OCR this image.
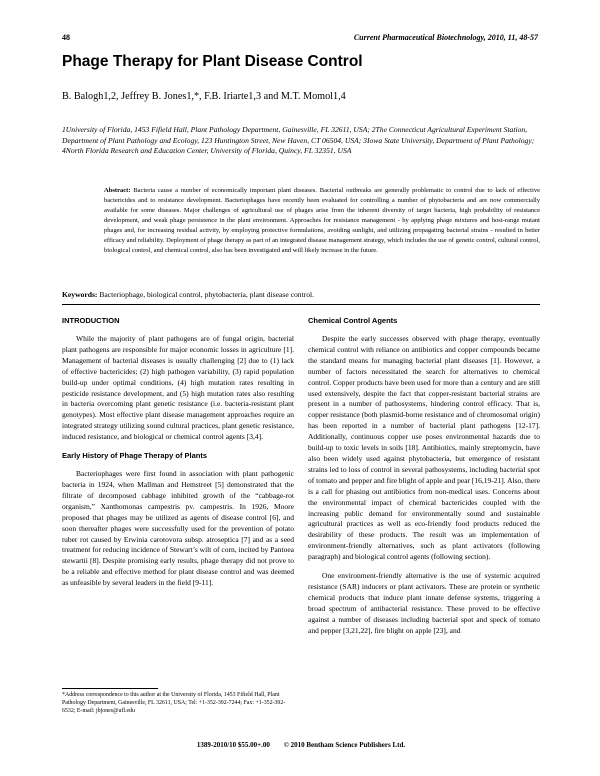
48	Current Pharmaceutical Biotechnology, 2010, 11, 48-57
Phage Therapy for Plant Disease Control
B. Balogh1,2, Jeffrey B. Jones1,*, F.B. Iriarte1,3 and M.T. Momol1,4
1University of Florida, 1453 Fifield Hall, Plant Pathology Department, Gainesville, FL 32611, USA; 2The Connecticut Agricultural Experiment Station, Department of Plant Pathology and Ecology, 123 Huntington Street, New Haven, CT 06504, USA; 3Iowa State University, Department of Plant Pathology; 4North Florida Research and Education Center, University of Florida, Quincy, FL 32351, USA
Abstract: Bacteria cause a number of economically important plant diseases. Bacterial outbreaks are generally problematic to control due to lack of effective bactericides and to resistance development. Bacteriophages have recently been evaluated for controlling a number of phytobacteria and are now commercially available for some diseases. Major challenges of agricultural use of phages arise from the inherent diversity of target bacteria, high probability of resistance development, and weak phage persistence in the plant environment. Approaches for resistance management - by applying phage mixtures and host-range mutant phages and, for increasing residual activity, by employing protective formulations, avoiding sunlight, and utilizing propagating bacterial strains - resulted in better efficacy and reliability. Deployment of phage therapy as part of an integrated disease management strategy, which includes the use of genetic control, cultural control, biological control, and chemical control, also has been investigated and will likely increase in the future.
Keywords: Bacteriophage, biological control, phytobacteria, plant disease control.
INTRODUCTION

While the majority of plant pathogens are of fungal origin, bacterial plant pathogens are responsible for major economic losses in agriculture [1]. Management of bacterial diseases is usually challenging [2] due to (1) lack of effective bactericides; (2) high pathogen variability, (3) rapid population build-up under optimal conditions, (4) high mutation rates resulting in pesticide resistance development, and (5) high mutation rates also resulting in bacteria overcoming plant genetic resistance (i.e. bacteria-resistant plant genotypes). Most effective plant disease management approaches require an integrated strategy utilizing sound cultural practices, plant genetic resistance, induced resistance, and biological or chemical control agents [3,4].

Early History of Phage Therapy of Plants

Bacteriophages were first found in association with plant pathogenic bacteria in 1924, when Mallman and Hemstreet [5] demonstrated that the filtrate of decomposed cabbage inhibited growth of the “cabbage-rot organism,” Xanthomonas campestris pv. campestris. In 1926, Moore proposed that phages may be utilized as agents of disease control [6], and soon thereafter phages were successfully used for the prevention of potato tuber rot caused by Erwinia carotovora subsp. atroseptica [7] and as a seed treatment for reducing incidence of Stewart’s wilt of corn, incited by Pantoea stewartii [8]. Despite promising early results, phage therapy did not prove to be a reliable and effective method for plant disease control and was deemed as unfeasible by several leaders in the field [9-11].

Chemical Control Agents

Despite the early successes observed with phage therapy, eventually chemical control with reliance on antibiotics and copper compounds became the standard means for managing bacterial plant diseases [1]. However, a number of factors necessitated the search for alternatives to chemical control. Copper products have been used for more than a century and are still used extensively, despite the fact that copper-resistant bacterial strains are present in a number of pathosystems, hindering control efficacy. That is, copper resistance (both plasmid-borne resistance and of chromosomal origin) has been reported in a number of bacterial plant pathogens [12-17]. Additionally, continuous copper use poses environmental hazards due to build-up to toxic levels in soils [18]. Antibiotics, mainly streptomycin, have also been widely used against phytobacteria, but emergence of resistant strains led to loss of control in several pathosystems, including bacterial spot of tomato and pepper and fire blight of apple and pear [16,19-21]. Also, there is a call for phasing out antibiotics from non-medical uses. Concerns about the environmental impact of chemical bactericides coupled with the increasing public demand for environmentally sound and sustainable agricultural practices as well as eco-friendly food products reduced the desirability of these products. The result was an implementation of environment-friendly alternatives, such as plant activators (following paragraph) and biological control agents (following section).

One environment-friendly alternative is the use of systemic acquired resistance (SAR) inducers or plant activators. These are protein or synthetic chemical products that induce plant innate defense systems, triggering a broad spectrum of antibacterial resistance. These proved to be effective against a number of diseases including bacterial spot and speck of tomato and pepper [3,21,22], fire blight on apple [23], and

*Address correspondence to this author at the University of Florida, 1453 Fifield Hall, Plant Pathology Department, Gainesville, FL 32611, USA; Tel: +1-352-392-7244; Fax: +1-352-392-6532; E-mail: jbjones@ufl.edu
1389-2010/10 $55.00+.00 © 2010 Bentham Science Publishers Ltd.
